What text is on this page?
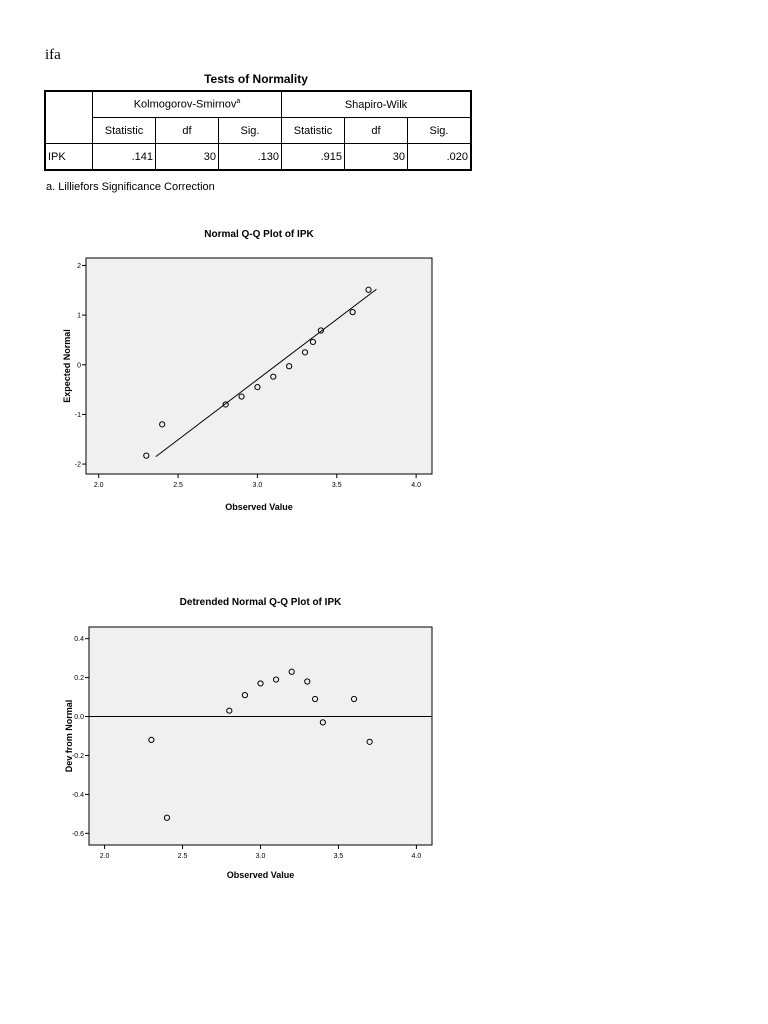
ifa
Tests of Normality
	Kolmogorov-Smirnov$^a$			Shapiro-Wilk		
	Statistic	df	Sig.	Statistic	df	Sig.
IPK	.141	30	.130	.915	30	.020
a. Lilliefors Significance Correction
Normal Q-Q Plot of IPK
2.0	2.5	3.0	3.5	4.0
-2
-1
0
1
2
Observed Value
Expected Normal
Detrended Normal Q-Q Plot of IPK
2.0	2.5	3.0	3.5	4.0
-0.6
-0.4
-0.2
0.0
0.2
0.4
Observed Value
Dev from Normal
